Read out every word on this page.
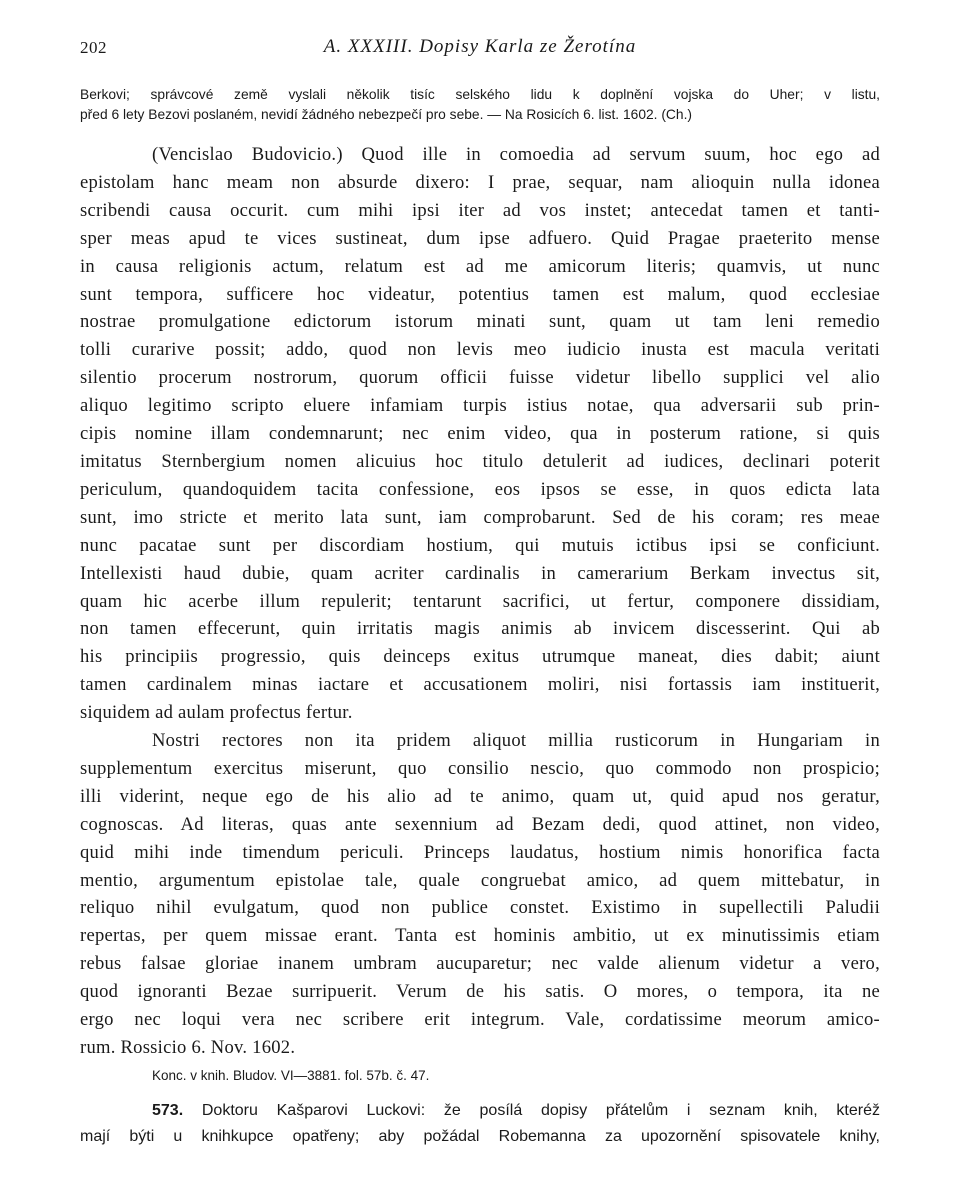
202	A. XXXIII. Dopisy Karla ze Žerotína
Berkovi; správcové země vyslali několik tisíc selského lidu k doplnění vojska do Uher; v listu,
před 6 lety Bezovi poslaném, nevidí žádného nebezpečí pro sebe. — Na Rosicích 6. list. 1602. (Ch.)
(Vencislao Budovicio.) Quod ille in comoedia ad servum suum, hoc ego ad
epistolam hanc meam non absurde dixero: I prae, sequar, nam alioquin nulla idonea
scribendi causa occurit. cum mihi ipsi iter ad vos instet; antecedat tamen et tanti-
sper meas apud te vices sustineat, dum ipse adfuero. Quid Pragae praeterito mense
in causa religionis actum, relatum est ad me amicorum literis; quamvis, ut nunc
sunt tempora, sufficere hoc videatur, potentius tamen est malum, quod ecclesiae
nostrae promulgatione edictorum istorum minati sunt, quam ut tam leni remedio
tolli curarive possit; addo, quod non levis meo iudicio inusta est macula veritati
silentio procerum nostrorum, quorum officii fuisse videtur libello supplici vel alio
aliquo legitimo scripto eluere infamiam turpis istius notae, qua adversarii sub prin-
cipis nomine illam condemnarunt; nec enim video, qua in posterum ratione, si quis
imitatus Sternbergium nomen alicuius hoc titulo detulerit ad iudices, declinari poterit
periculum, quandoquidem tacita confessione, eos ipsos se esse, in quos edicta lata
sunt, imo stricte et merito lata sunt, iam comprobarunt. Sed de his coram; res meae
nunc pacatae sunt per discordiam hostium, qui mutuis ictibus ipsi se conficiunt.
Intellexisti haud dubie, quam acriter cardinalis in camerarium Berkam invectus sit,
quam hic acerbe illum repulerit; tentarunt sacrifici, ut fertur, componere dissidiam,
non tamen effecerunt, quin irritatis magis animis ab invicem discesserint. Qui ab
his principiis progressio, quis deinceps exitus utrumque maneat, dies dabit; aiunt
tamen cardinalem minas iactare et accusationem moliri, nisi fortassis iam instituerit,
siquidem ad aulam profectus fertur.
Nostri rectores non ita pridem aliquot millia rusticorum in Hungariam in
supplementum exercitus miserunt, quo consilio nescio, quo commodo non prospicio;
illi viderint, neque ego de his alio ad te animo, quam ut, quid apud nos geratur,
cognoscas. Ad literas, quas ante sexennium ad Bezam dedi, quod attinet, non video,
quid mihi inde timendum periculi. Princeps laudatus, hostium nimis honorifica facta
mentio, argumentum epistolae tale, quale congruebat amico, ad quem mittebatur, in
reliquo nihil evulgatum, quod non publice constet. Existimo in supellectili Paludii
repertas, per quem missae erant. Tanta est hominis ambitio, ut ex minutissimis etiam
rebus falsae gloriae inanem umbram aucuparetur; nec valde alienum videtur a vero,
quod ignoranti Bezae surripuerit. Verum de his satis. O mores, o tempora, ita ne
ergo nec loqui vera nec scribere erit integrum. Vale, cordatissime meorum amico-
rum. Rossicio 6. Nov. 1602.
Konc. v knih. Bludov. VI—3881. fol. 57b. č. 47.
573. Doktoru Kašparovi Luckovi: že posílá dopisy přátelům i seznam knih, kteréž
mají býti u knihkupce opatřeny; aby požádal Robemanna za upozornění spisovatele knihy,
